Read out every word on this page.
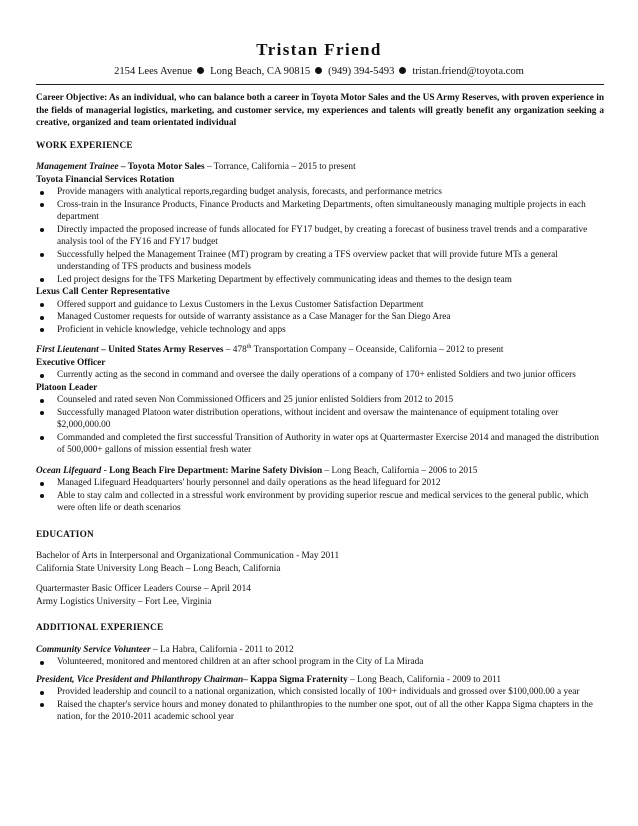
Tristan Friend
2154 Lees Avenue Long Beach, CA 90815 (949) 394-5493 tristan.friend@toyota.com
Career Objective: As an individual, who can balance both a career in Toyota Motor Sales and the US Army Reserves, with proven experience in the fields of managerial logistics, marketing, and customer service, my experiences and talents will greatly benefit any organization seeking a creative, organized and team orientated individual
WORK EXPERIENCE
Management Trainee – Toyota Motor Sales – Torrance, California – 2015 to present
Toyota Financial Services Rotation
Provide managers with analytical reports,regarding budget analysis, forecasts, and performance metrics
Cross-train in the Insurance Products, Finance Products and Marketing Departments, often simultaneously managing multiple projects in each department
Directly impacted the proposed increase of funds allocated for FY17 budget, by creating a forecast of business travel trends and a comparative analysis tool of the FY16 and FY17 budget
Successfully helped the Management Trainee (MT) program by creating a TFS overview packet that will provide future MTs a general understanding of TFS products and business models
Led project designs for the TFS Marketing Department by effectively communicating ideas and themes to the design team
Lexus Call Center Representative
Offered support and guidance to Lexus Customers in the Lexus Customer Satisfaction Department
Managed Customer requests for outside of warranty assistance as a Case Manager for the San Diego Area
Proficient in vehicle knowledge, vehicle technology and apps
First Lieutenant – United States Army Reserves – 478th Transportation Company – Oceanside, California – 2012 to present
Executive Officer
Currently acting as the second in command and oversee the daily operations of a company of 170+ enlisted Soldiers and two junior officers
Platoon Leader
Counseled and rated seven Non Commissioned Officers and 25 junior enlisted Soldiers from 2012 to 2015
Successfully managed Platoon water distribution operations, without incident and oversaw the maintenance of equipment totaling over $2,000,000.00
Commanded and completed the first successful Transition of Authority in water ops at Quartermaster Exercise 2014 and managed the distribution of 500,000+ gallons of mission essential fresh water
Ocean Lifeguard - Long Beach Fire Department: Marine Safety Division – Long Beach, California – 2006 to 2015
Managed Lifeguard Headquarters' hourly personnel and daily operations as the head lifeguard for 2012
Able to stay calm and collected in a stressful work environment by providing superior rescue and medical services to the general public, which were often life or death scenarios
EDUCATION
Bachelor of Arts in Interpersonal and Organizational Communication - May 2011
California State University Long Beach – Long Beach, California
Quartermaster Basic Officer Leaders Course – April 2014
Army Logistics University – Fort Lee, Virginia
ADDITIONAL EXPERIENCE
Community Service Volunteer – La Habra, California - 2011 to 2012
Volunteered, monitored and mentored children at an after school program in the City of La Mirada
President, Vice President and Philanthropy Chairman– Kappa Sigma Fraternity – Long Beach, California - 2009 to 2011
Provided leadership and council to a national organization, which consisted locally of 100+ individuals and grossed over $100,000.00 a year
Raised the chapter's service hours and money donated to philanthropies to the number one spot, out of all the other Kappa Sigma chapters in the nation, for the 2010-2011 academic school year
